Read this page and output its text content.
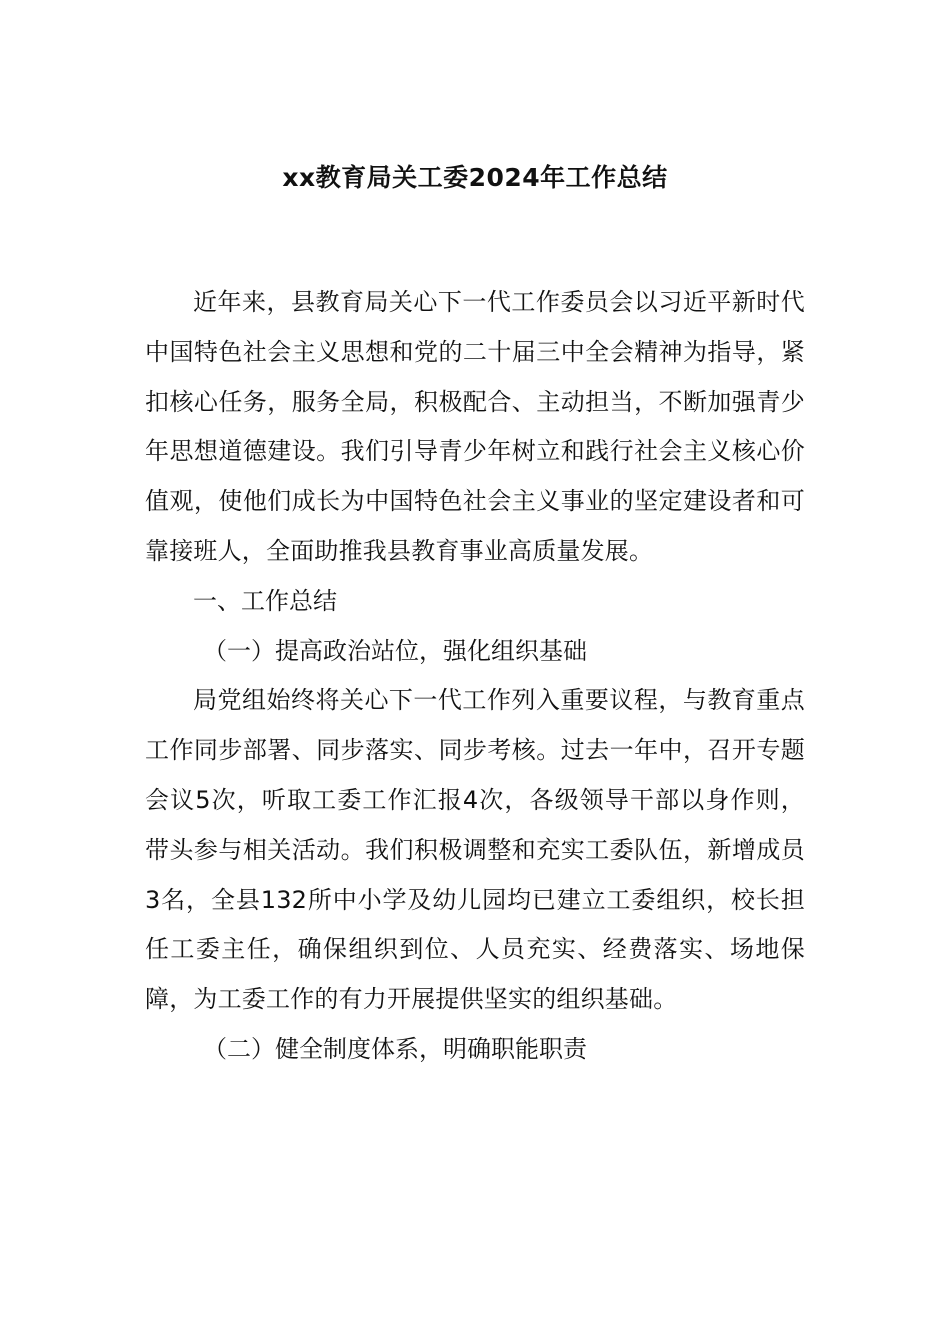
xx教育局关工委2024年工作总结

近年来，县教育局关心下一代工作委员会以习近平新时代中国特色社会主义思想和党的二十届三中全会精神为指导，紧扣核心任务，服务全局，积极配合、主动担当，不断加强青少年思想道德建设。我们引导青少年树立和践行社会主义核心价值观，使他们成长为中国特色社会主义事业的坚定建设者和可靠接班人，全面助推我县教育事业高质量发展。

一、工作总结

（一）提高政治站位，强化组织基础

局党组始终将关心下一代工作列入重要议程，与教育重点工作同步部署、同步落实、同步考核。过去一年中，召开专题会议5次，听取工委工作汇报4次，各级领导干部以身作则，带头参与相关活动。我们积极调整和充实工委队伍，新增成员3名，全县132所中小学及幼儿园均已建立工委组织，校长担任工委主任，确保组织到位、人员充实、经费落实、场地保障，为工委工作的有力开展提供坚实的组织基础。

（二）健全制度体系，明确职能职责
